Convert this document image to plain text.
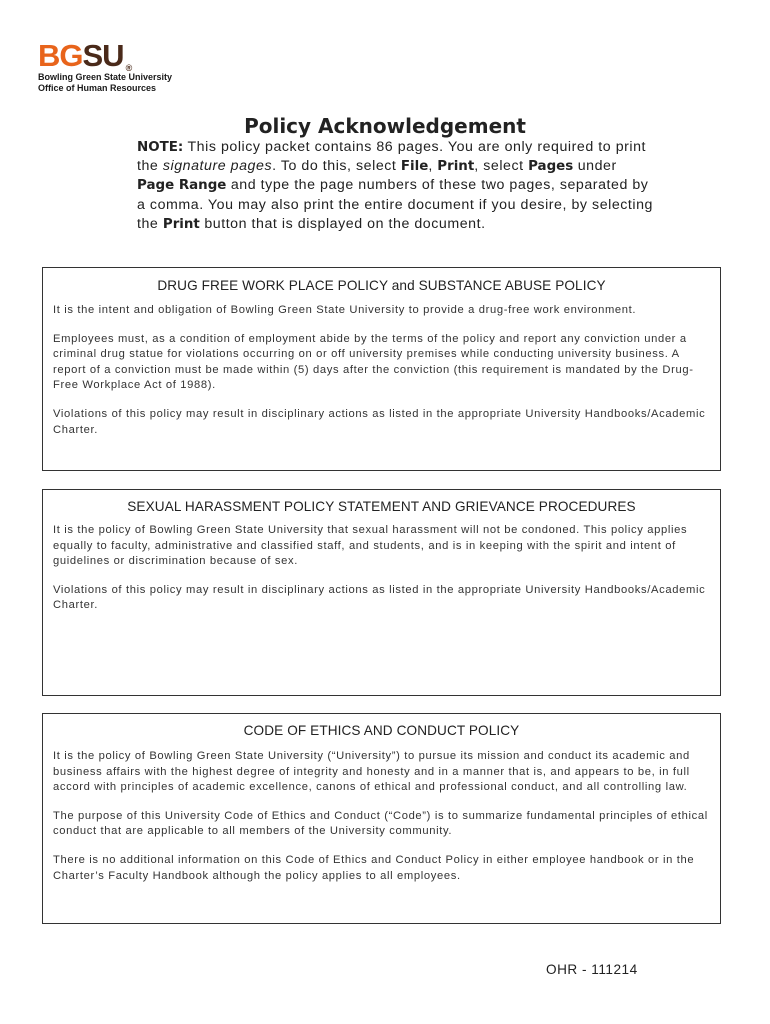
BGSU ®
Bowling Green State University
Office of Human Resources
Policy Acknowledgement
NOTE: This policy packet contains 86 pages. You are only required to print the signature pages. To do this, select File, Print, select Pages under Page Range and type the page numbers of these two pages, separated by a comma. You may also print the entire document if you desire, by selecting the Print button that is displayed on the document.
DRUG FREE WORK PLACE POLICY and SUBSTANCE ABUSE POLICY

It is the intent and obligation of Bowling Green State University to provide a drug-free work environment.

Employees must, as a condition of employment abide by the terms of the policy and report any conviction under a criminal drug statue for violations occurring on or off university premises while conducting university business. A report of a conviction must be made within (5) days after the conviction (this requirement is mandated by the Drug-Free Workplace Act of 1988).

Violations of this policy may result in disciplinary actions as listed in the appropriate University Handbooks/Academic Charter.

SEXUAL HARASSMENT POLICY STATEMENT AND GRIEVANCE PROCEDURES

It is the policy of Bowling Green State University that sexual harassment will not be condoned. This policy applies equally to faculty, administrative and classified staff, and students, and is in keeping with the spirit and intent of guidelines or discrimination because of sex.

Violations of this policy may result in disciplinary actions as listed in the appropriate University Handbooks/Academic Charter.

CODE OF ETHICS AND CONDUCT POLICY

It is the policy of Bowling Green State University (“University”) to pursue its mission and conduct its academic and business affairs with the highest degree of integrity and honesty and in a manner that is, and appears to be, in full accord with principles of academic excellence, canons of ethical and professional conduct, and all controlling law.

The purpose of this University Code of Ethics and Conduct (“Code”) is to summarize fundamental principles of ethical conduct that are applicable to all members of the University community.

There is no additional information on this Code of Ethics and Conduct Policy in either employee handbook or in the Charter’s Faculty Handbook although the policy applies to all employees.

OHR - 111214
